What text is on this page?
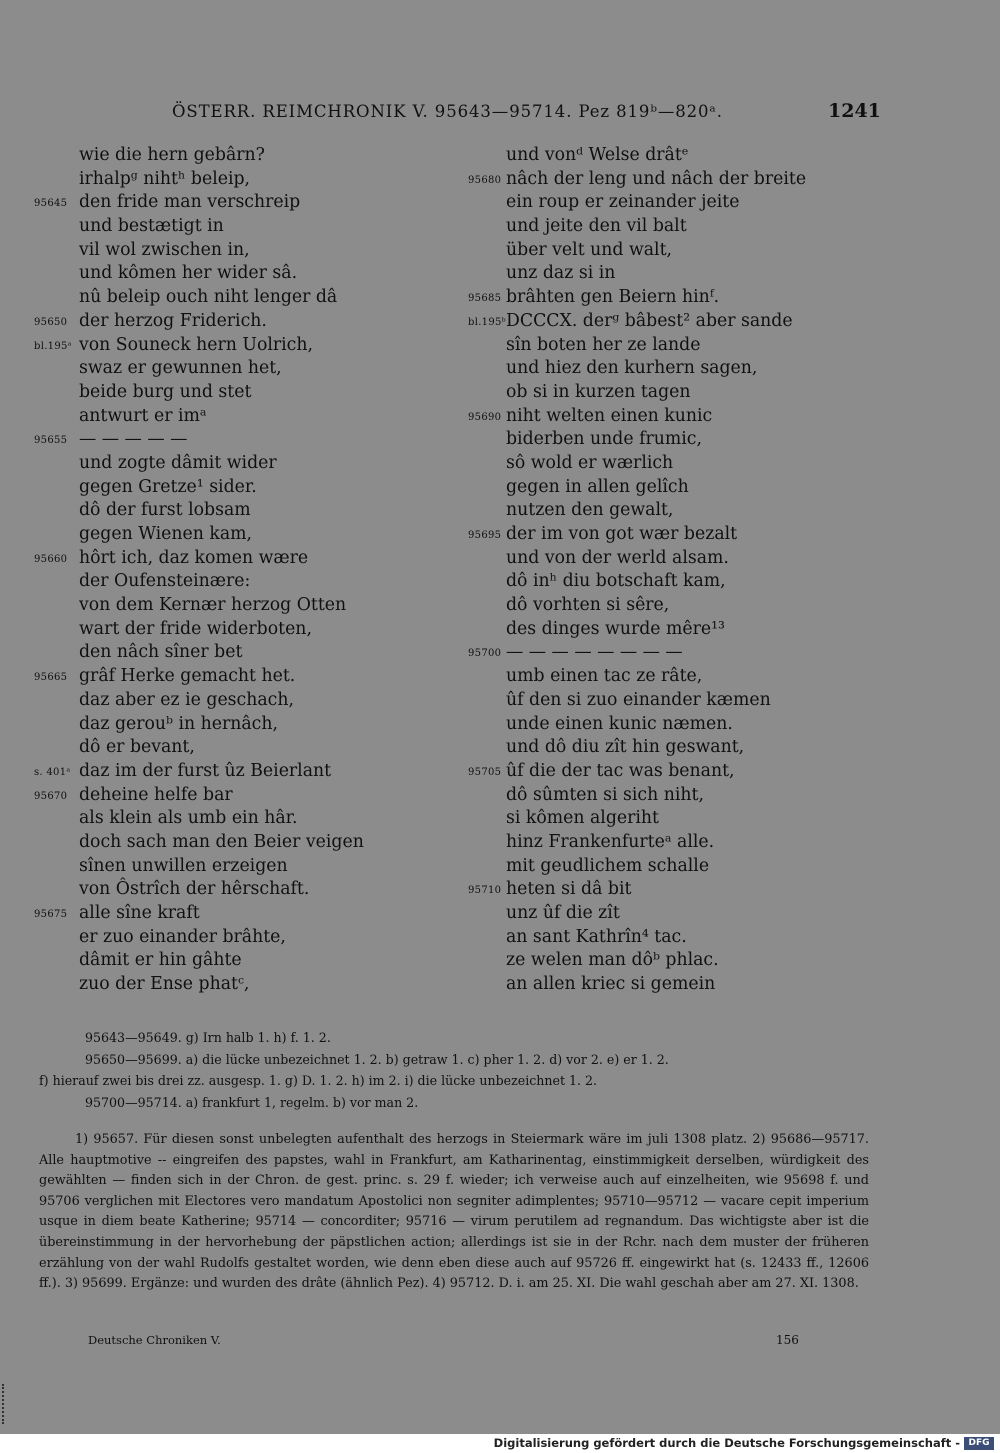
ÖSTERR. REIMCHRONIK V. 95643—95714. Pez 819ᵇ—820ᵃ.	1241
wie die hern gebârn?
irhalpᵍ nihtʰ beleip,
95645 den fride man verschreip
und bestætigt in
vil wol zwischen in,
und kômen her wider sâ.
nû beleip ouch niht lenger dâ
95650 der herzog Friderich.
bl.195ᵃ von Souneck hern Uolrich,
swaz er gewunnen het,
beide burg und stet
antwurt er imᵃ
95655 — — — — —
und zogte dâmit wider
gegen Gretze¹ sider.
dô der furst lobsam
gegen Wienen kam,
95660 hôrt ich, daz komen wære
der Oufensteinære:
von dem Kernær herzog Otten
wart der fride widerboten,
den nâch sîner bet
95665 grâf Herke gemacht het.
daz aber ez ie geschach,
daz gerouᵇ in hernâch,
dô er bevant,
s. 401ᵃ daz im der furst ûz Beierlant
95670 deheine helfe bar
als klein als umb ein hâr.
doch sach man den Beier veigen
sînen unwillen erzeigen
von Ôstrîch der hêrschaft.
95675 alle sîne kraft
er zuo einander brâhte,
dâmit er hin gâhte
zuo der Ense phatᶜ,
und vonᵈ Welse drâtᵉ
95680 nâch der leng und nâch der breite
ein roup er zeinander jeite
und jeite den vil balt
über velt und walt,
unz daz si in
95685 brâhten gen Beiern hinᶠ.
bl.195ᵇ DCCCX. derᵍ bâbest² aber sande
sîn boten her ze lande
und hiez den kurhern sagen,
ob si in kurzen tagen
95690 niht welten einen kunic
biderben unde frumic,
sô wold er wærlich
gegen in allen gelîch
nutzen den gewalt,
95695 der im von got wær bezalt
und von der werld alsam.
dô inʰ diu botschaft kam,
dô vorhten si sêre,
des dinges wurde mêre¹³
95700 — — — — — — — —
umb einen tac ze râte,
ûf den si zuo einander kæmen
unde einen kunic næmen.
und dô diu zît hin geswant,
95705 ûf die der tac was benant,
dô sûmten si sich niht,
si kômen algeriht
hinz Frankenfurteᵃ alle.
mit geudlichem schalle
95710 heten si dâ bit
unz ûf die zît
an sant Kathrîn⁴ tac.
ze welen man dôᵇ phlac.
an allen kriec si gemein
95643—95649. g) Irn halb 1. h) f. 1. 2.
95650—95699. a) die lücke unbezeichnet 1. 2. b) getraw 1. c) pher 1. 2. d) vor 2. e) er 1. 2.
f) hierauf zwei bis drei zz. ausgesp. 1. g) D. 1. 2. h) im 2. i) die lücke unbezeichnet 1. 2.
95700—95714. a) frankfurt 1, regelm. b) vor man 2.

1) 95657. Für diesen sonst unbelegten aufenthalt des herzogs in Steiermark wäre im juli 1308 platz. 2) 95686—95717. Alle hauptmotive -- eingreifen des papstes, wahl in Frankfurt, am Katharinentag, einstimmigkeit derselben, würdigkeit des gewählten — finden sich in der Chron. de gest. princ. s. 29 f. wieder; ich verweise auch auf einzelheiten, wie 95698 f. und 95706 verglichen mit Electores vero mandatum Apostolici non segniter adimplentes; 95710—95712 — vacare cepit imperium usque in diem beate Katherine; 95714 — concorditer; 95716 — virum perutilem ad regnandum. Das wichtigste aber ist die übereinstimmung in der hervorhebung der päpstlichen action; allerdings ist sie in der Rchr. nach dem muster der früheren erzählung von der wahl Rudolfs gestaltet worden, wie denn eben diese auch auf 95726 ff. eingewirkt hat (s. 12433 ff., 12606 ff.). 3) 95699. Ergänze: und wurden des drâte (ähnlich Pez). 4) 95712. D. i. am 25. XI. Die wahl geschah aber am 27. XI. 1308.

Deutsche Chroniken V.	156
Digitalisierung gefördert durch die Deutsche Forschungsgemeinschaft - DFG
